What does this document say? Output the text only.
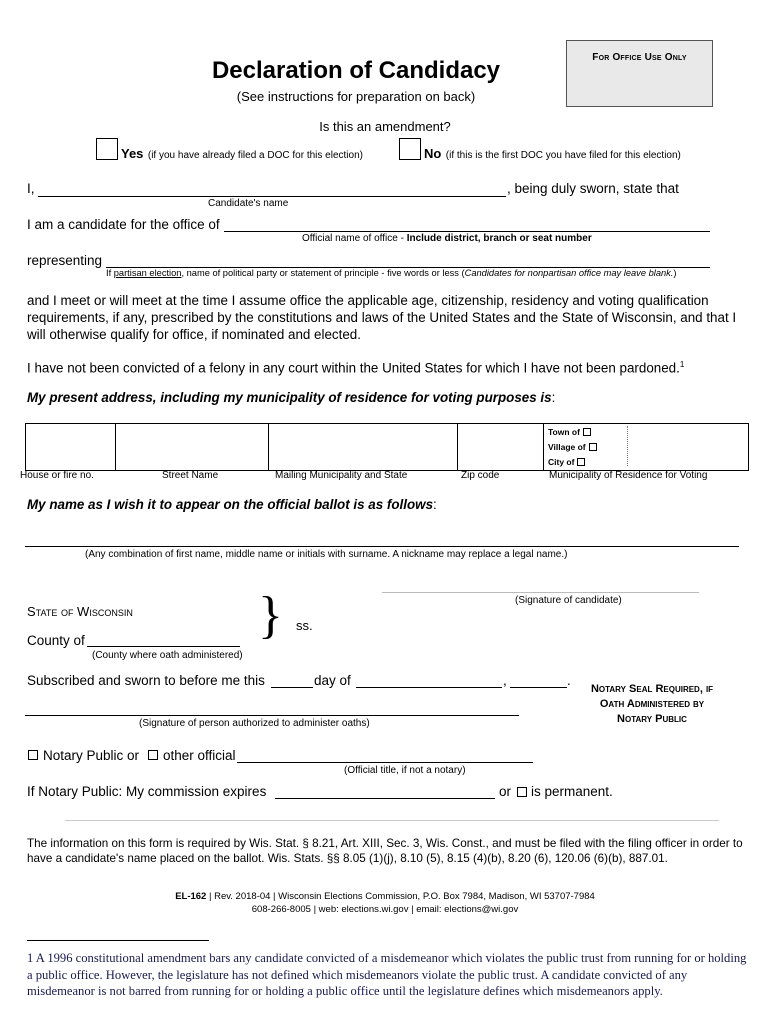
For Office Use Only
Declaration of Candidacy
(See instructions for preparation on back)
Is this an amendment?
Yes (if you have already filed a DOC for this election)	No (if this is the first DOC you have filed for this election)
I,	, being duly sworn, state that
Candidate's name
I am a candidate for the office of
Official name of office - Include district, branch or seat number
representing
If partisan election, name of political party or statement of principle - five words or less (Candidates for nonpartisan office may leave blank.)
and I meet or will meet at the time I assume office the applicable age, citizenship, residency and voting qualification requirements, if any, prescribed by the constitutions and laws of the United States and the State of Wisconsin, and that I will otherwise qualify for office, if nominated and elected.
I have not been convicted of a felony in any court within the United States for which I have not been pardoned.$^1$
My present address, including my municipality of residence for voting purposes is:

Town of
Village of
City of
House or fire no.	Street Name	Mailing Municipality and State	Zip code	Municipality of Residence for Voting
My name as I wish it to appear on the official ballot is as follows:
(Any combination of first name, middle name or initials with surname. A nickname may replace a legal name.)
(Signature of candidate)
State of Wisconsin } ss.
County of
(County where oath administered)
Subscribed and sworn to before me this	day of	,	.
Notary Seal Required, if Oath Administered by Notary Public
(Signature of person authorized to administer oaths)
Notary Public or other official
(Official title, if not a notary)
If Notary Public: My commission expires	or is permanent.
The information on this form is required by Wis. Stat. § 8.21, Art. XIII, Sec. 3, Wis. Const., and must be filed with the filing officer in order to have a candidate's name placed on the ballot. Wis. Stats. §§ 8.05 (1)(j), 8.10 (5), 8.15 (4)(b), 8.20 (6), 120.06 (6)(b), 887.01.
EL-162 | Rev. 2018-04 | Wisconsin Elections Commission, P.O. Box 7984, Madison, WI 53707-7984
608-266-8005 | web: elections.wi.gov | email: elections@wi.gov
1 A 1996 constitutional amendment bars any candidate convicted of a misdemeanor which violates the public trust from running for or holding a public office. However, the legislature has not defined which misdemeanors violate the public trust. A candidate convicted of any misdemeanor is not barred from running for or holding a public office until the legislature defines which misdemeanors apply.
